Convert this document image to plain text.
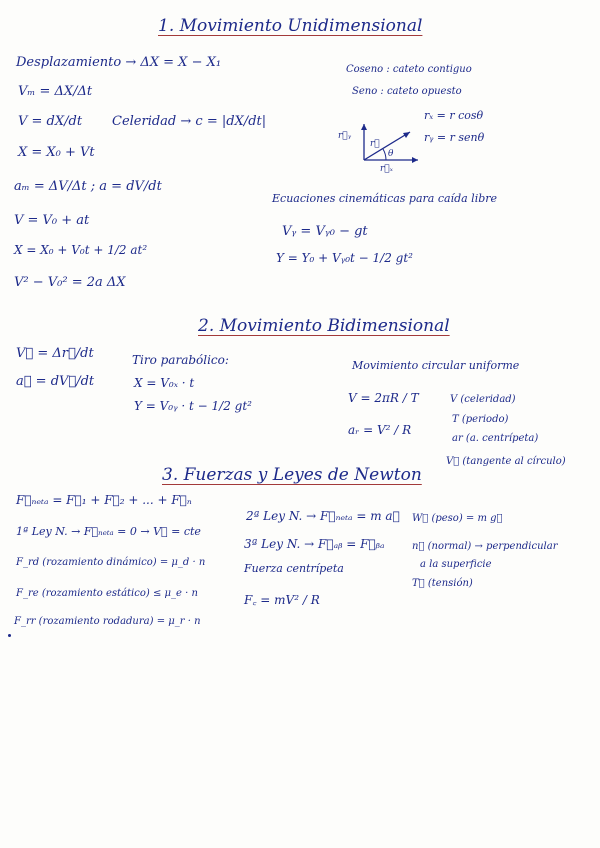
1. Movimiento Unidimensional
Desplazamiento → ΔX = X − X₁
Vₘ = ΔX/Δt
V = dX/dt Celeridad → c = |dX/dt|
X = X₀ + Vt
aₘ = ΔV/Δt ; a = dV/dt
V = V₀ + at
X = X₀ + V₀t + 1/2 at²
V² − V₀² = 2a ΔX
Coseno : cateto contiguo
Seno : cateto opuesto
rₓ = r cosθ
rᵧ = r senθ
r⃗ᵧ
r⃗
θ
r⃗ₓ
Ecuaciones cinemáticas para caída libre
Vᵧ = Vᵧ₀ − gt
Y = Y₀ + Vᵧ₀t − 1/2 gt²
2. Movimiento Bidimensional
V⃗ = Δr⃗/dt
a⃗ = dV⃗/dt
Tiro parabólico:
X = V₀ₓ · t
Y = V₀ᵧ · t − 1/2 gt²
Movimiento circular uniforme
V = 2πR / T
aᵣ = V² / R
V (celeridad)
T (periodo)
ar (a. centrípeta)
V⃗ (tangente al círculo)
3. Fuerzas y Leyes de Newton
F⃗ₙₑₜₐ = F⃗₁ + F⃗₂ + ... + F⃗ₙ
1ª Ley N. → F⃗ₙₑₜₐ = 0 → V⃗ = cte
F_rd (rozamiento dinámico) = μ_d · n
F_re (rozamiento estático) ≤ μ_e · n
F_rr (rozamiento rodadura) = μ_r · n
2ª Ley N. → F⃗ₙₑₜₐ = m a⃗
3ª Ley N. → F⃗ₐᵦ = F⃗ᵦₐ
Fuerza centrípeta
F꜀ = mV² / R
W⃗ (peso) = m g⃗
n⃗ (normal) → perpendicular
a la superficie
T⃗ (tensión)
